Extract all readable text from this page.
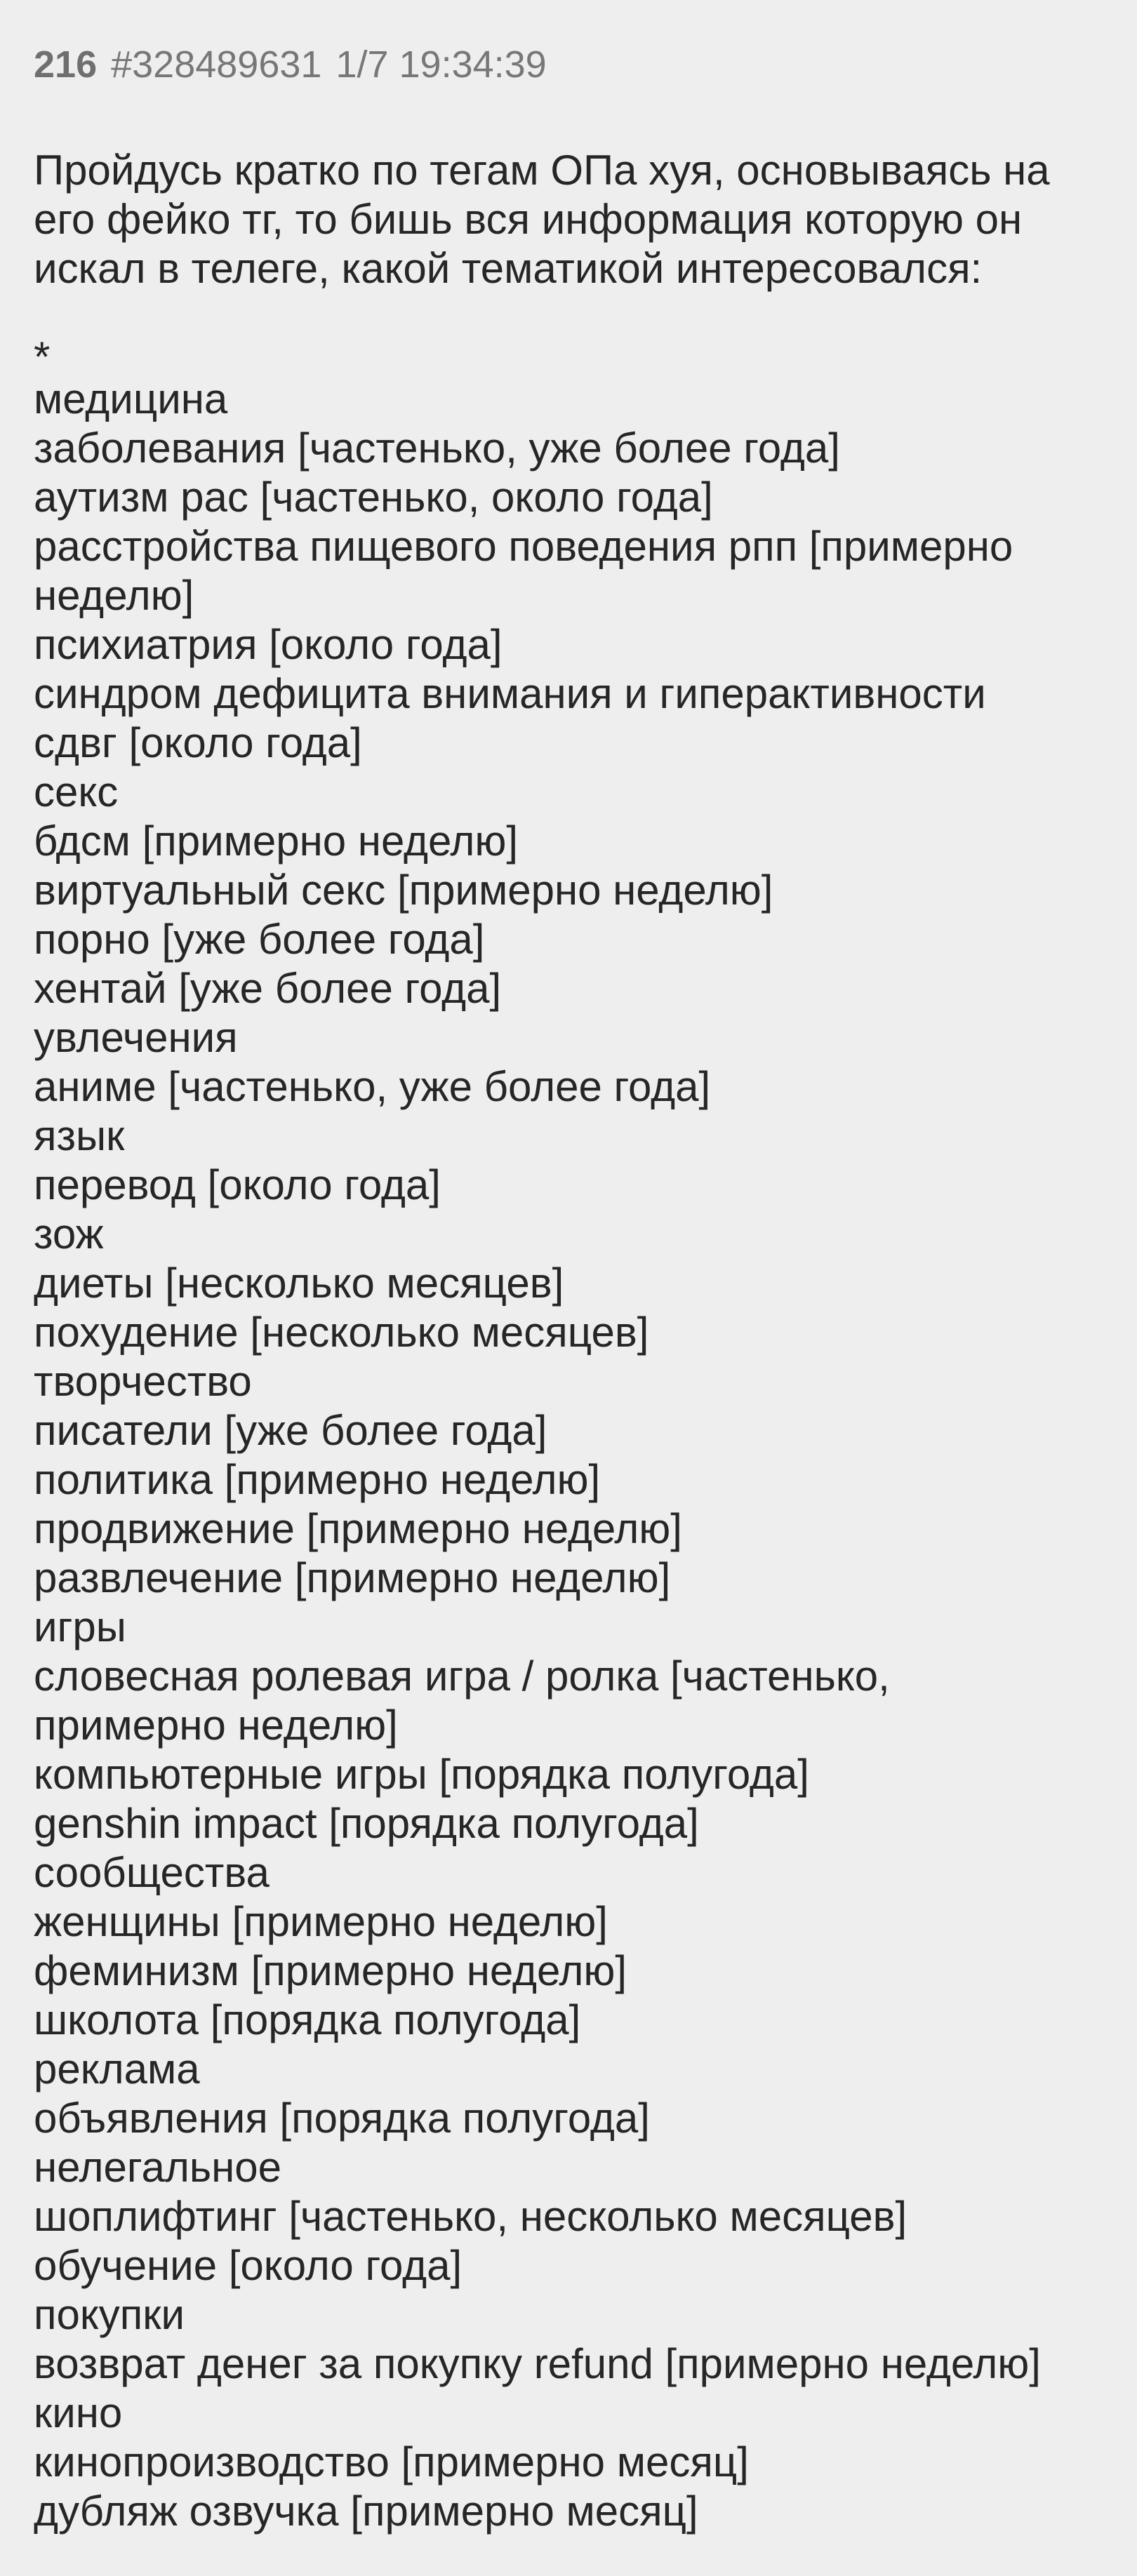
216 #328489631 1/7 19:34:39

Пройдусь кратко по тегам ОПа хуя, основываясь на
его фейко тг, то бишь вся информация которую он
искал в телеге, какой тематикой интересовался:

*
медицина
заболевания [частенько, уже более года]
аутизм рас [частенько, около года]
расстройства пищевого поведения рпп [примерно
неделю]
психиатрия [около года]
синдром дефицита внимания и гиперактивности
сдвг [около года]
секс
бдсм [примерно неделю]
виртуальный секс [примерно неделю]
порно [уже более года]
хентай [уже более года]
увлечения
аниме [частенько, уже более года]
язык
перевод [около года]
зож
диеты [несколько месяцев]
похудение [несколько месяцев]
творчество
писатели [уже более года]
политика [примерно неделю]
продвижение [примерно неделю]
развлечение [примерно неделю]
игры
словесная ролевая игра / ролка [частенько,
примерно неделю]
компьютерные игры [порядка полугода]
genshin impact [порядка полугода]
сообщества
женщины [примерно неделю]
феминизм [примерно неделю]
школота [порядка полугода]
реклама
объявления [порядка полугода]
нелегальное
шоплифтинг [частенько, несколько месяцев]
обучение [около года]
покупки
возврат денег за покупку refund [примерно неделю]
кино
кинопроизводство [примерно месяц]
дубляж озвучка [примерно месяц]
